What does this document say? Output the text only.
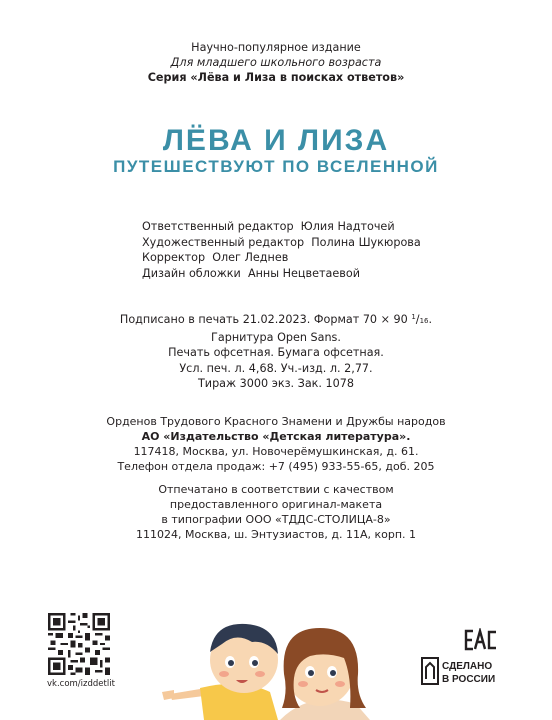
Научно-популярное издание
Для младшего школьного возраста
Серия «Лёва и Лиза в поисках ответов»
ЛЁВА И ЛИЗА
ПУТЕШЕСТВУЮТ ПО ВСЕЛЕННОЙ
Ответственный редактор Юлия Надточей
Художественный редактор Полина Шукюрова
Корректор Олег Леднев
Дизайн обложки Анны Нецветаевой
Подписано в печать 21.02.2023. Формат 70 × 90 $^1$/16.
Гарнитура Open Sans.
Печать офсетная. Бумага офсетная.
Усл. печ. л. 4,68. Уч.-изд. л. 2,77.
Тираж 3000 экз. Зак. 1078
Орденов Трудового Красного Знамени и Дружбы народов
АО «Издательство «Детская литература».
117418, Москва, ул. Новочерёмушкинская, д. 61.
Телефон отдела продаж: +7 (495) 933-55-65, доб. 205
Отпечатано в соответствии с качеством
предоставленного оригинал-макета
в типографии ООО «ТДДС-СТОЛИЦА-8»
111024, Москва, ш. Энтузиастов, д. 11А, корп. 1
vk.com/izddetlit
СДЕЛАНО
В РОССИИ
